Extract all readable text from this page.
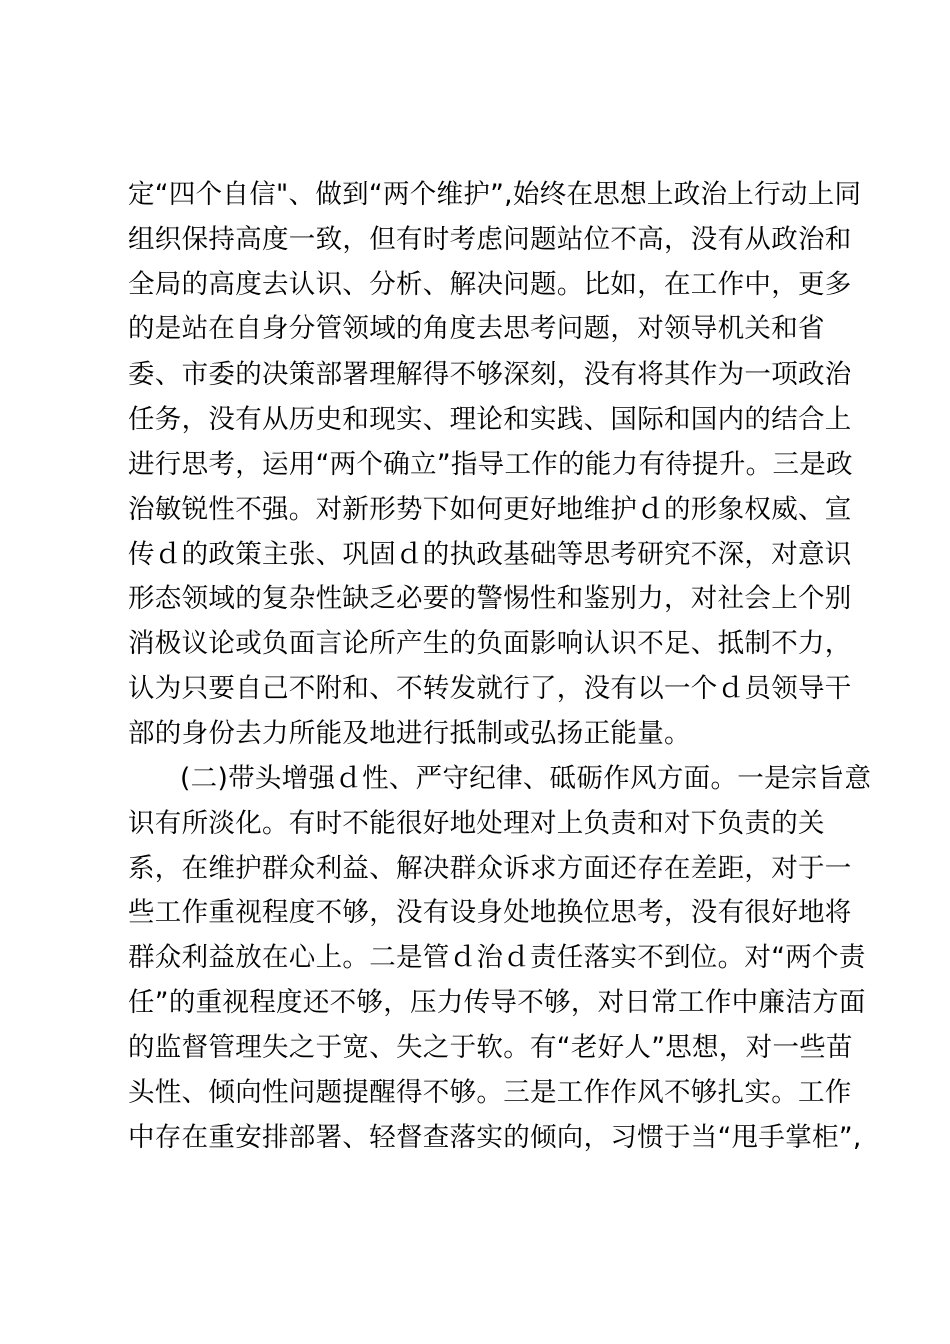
定“四个自信"、做到“两个维护”,始终在思想上政治上行动上同
组织保持高度一致，但有时考虑问题站位不高，没有从政治和
全局的高度去认识、分析、解决问题。比如，在工作中，更多
的是站在自身分管领域的角度去思考问题，对领导机关和省
委、市委的决策部署理解得不够深刻，没有将其作为一项政治
任务，没有从历史和现实、理论和实践、国际和国内的结合上
进行思考，运用“两个确立”指导工作的能力有待提升。三是政
治敏锐性不强。对新形势下如何更好地维护ｄ的形象权威、宣
传ｄ的政策主张、巩固ｄ的执政基础等思考研究不深，对意识
形态领域的复杂性缺乏必要的警惕性和鉴别力，对社会上个别
消极议论或负面言论所产生的负面影响认识不足、抵制不力，
认为只要自己不附和、不转发就行了，没有以一个ｄ员领导干
部的身份去力所能及地进行抵制或弘扬正能量。
(二)带头增强ｄ性、严守纪律、砥砺作风方面。一是宗旨意
识有所淡化。有时不能很好地处理对上负责和对下负责的关
系，在维护群众利益、解决群众诉求方面还存在差距，对于一
些工作重视程度不够，没有设身处地换位思考，没有很好地将
群众利益放在心上。二是管ｄ治ｄ责任落实不到位。对“两个责
任”的重视程度还不够，压力传导不够，对日常工作中廉洁方面
的监督管理失之于宽、失之于软。有“老好人”思想，对一些苗
头性、倾向性问题提醒得不够。三是工作作风不够扎实。工作
中存在重安排部署、轻督查落实的倾向，习惯于当“甩手掌柜”,
